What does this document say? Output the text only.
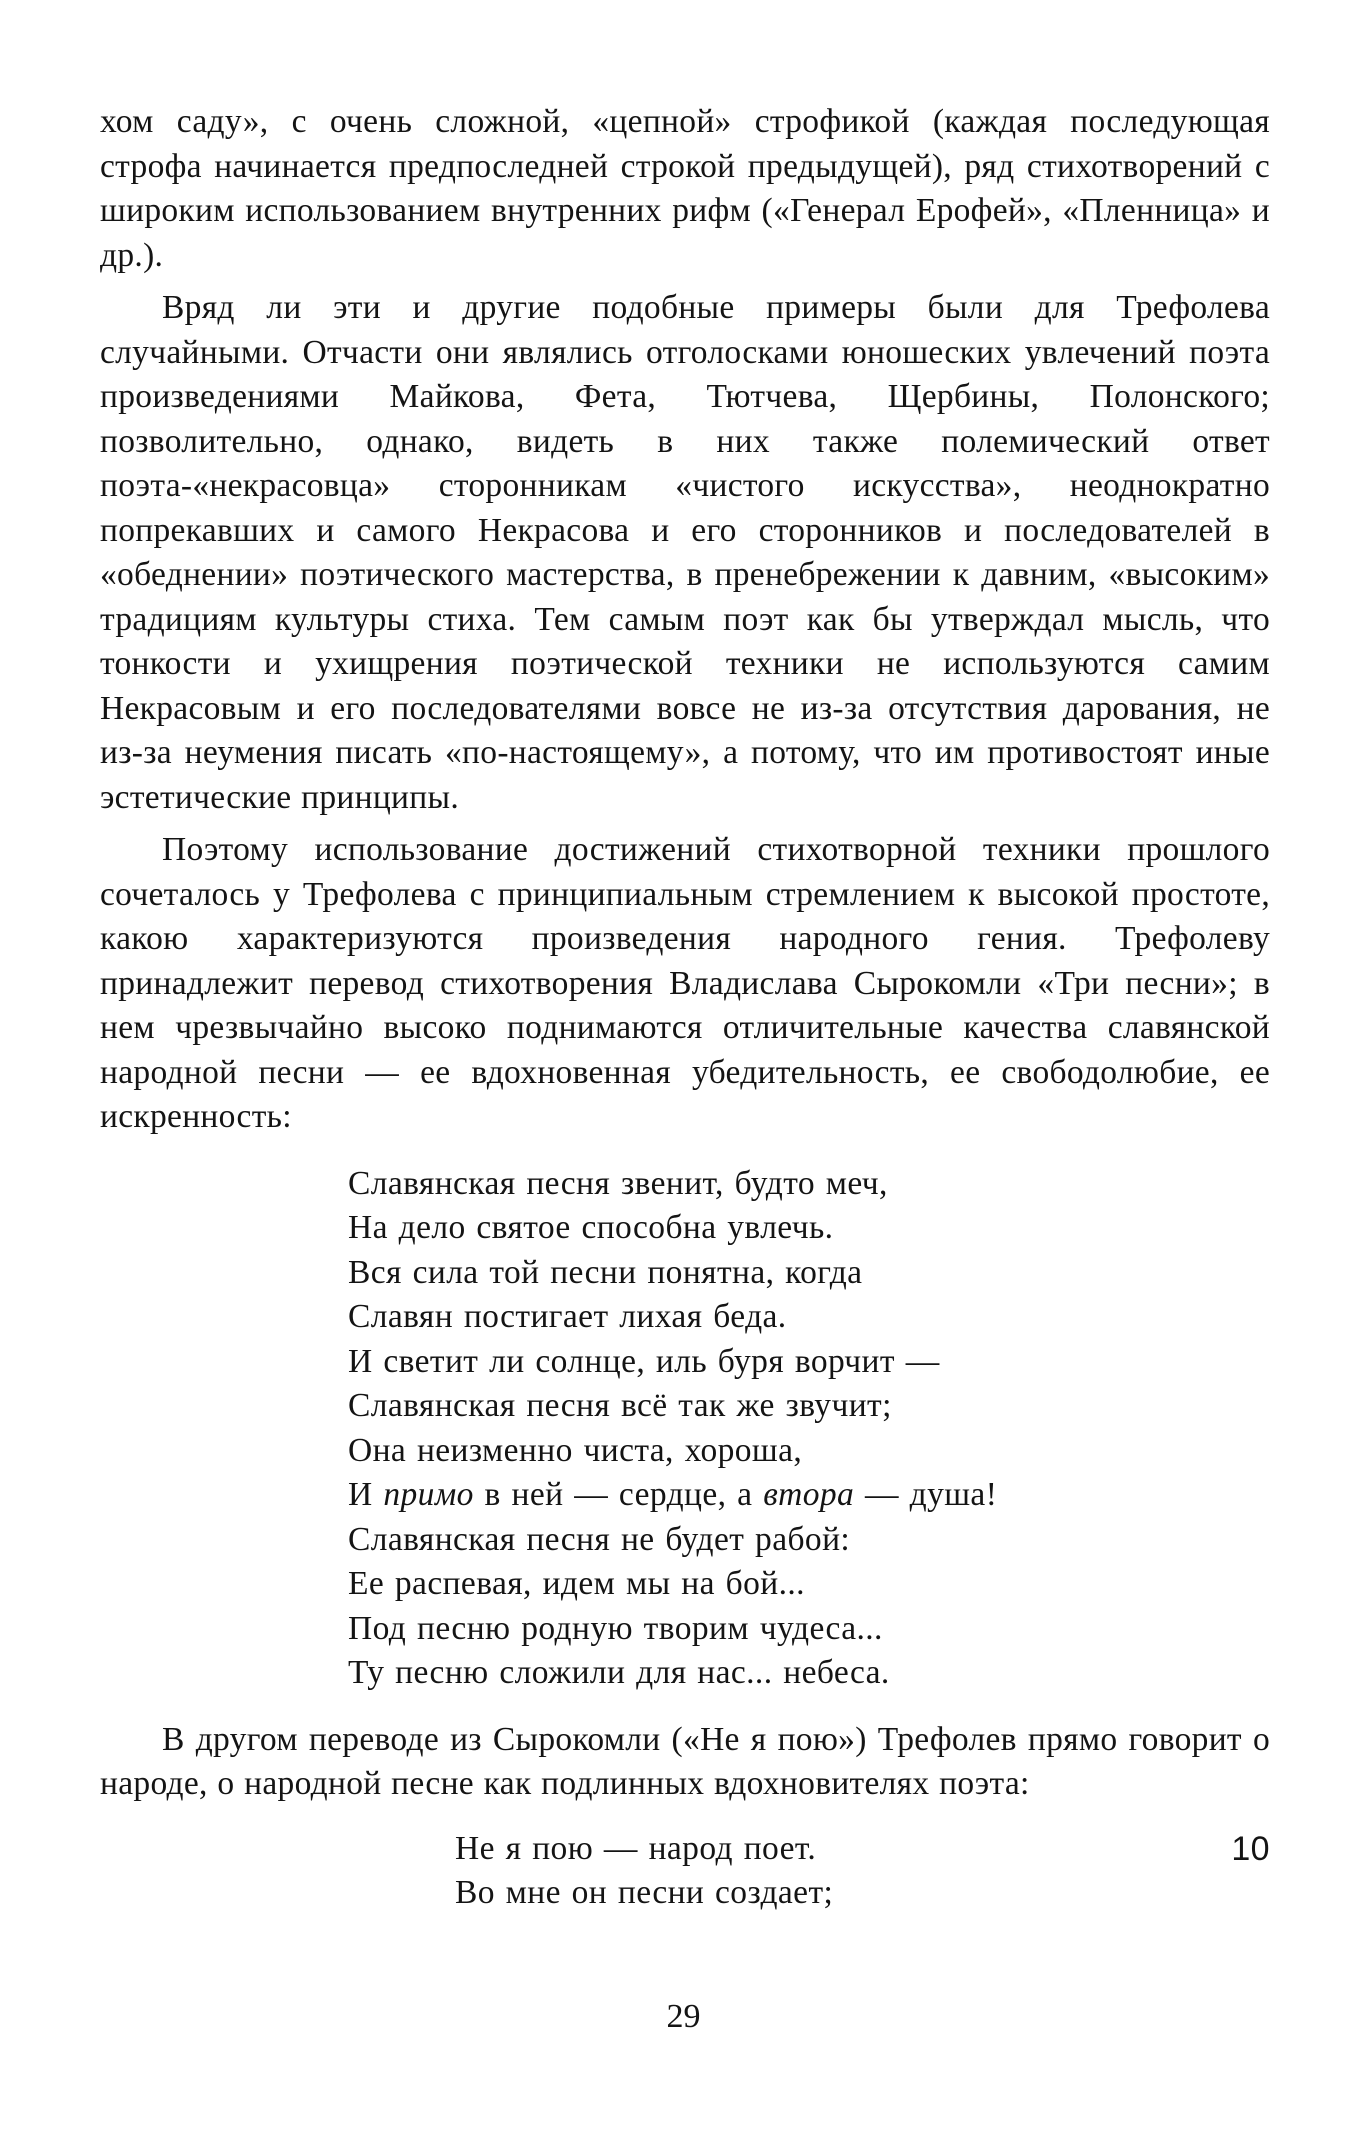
хом саду», с очень сложной, «цепной» строфикой (каждая последующая строфа начинается предпоследней строкой предыдущей), ряд стихотворений с широким использованием внутренних рифм («Генерал Ерофей», «Пленница» и др.).

Вряд ли эти и другие подобные примеры были для Трефолева случайными. Отчасти они являлись отголосками юношеских увлечений поэта произведениями Майкова, Фета, Тютчева, Щербины, Полонского; позволительно, однако, видеть в них также полемический ответ поэта-«некрасовца» сторонникам «чистого искусства», неоднократно попрекавших и самого Некрасова и его сторонников и последователей в «обеднении» поэтического мастерства, в пренебрежении к давним, «высоким» традициям культуры стиха. Тем самым поэт как бы утверждал мысль, что тонкости и ухищрения поэтической техники не используются самим Некрасовым и его последователями вовсе не из-за отсутствия дарования, не из-за неумения писать «по-настоящему», а потому, что им противостоят иные эстетические принципы.

Поэтому использование достижений стихотворной техники прошлого сочеталось у Трефолева с принципиальным стремлением к высокой простоте, какою характеризуются произведения народного гения. Трефолеву принадлежит перевод стихотворения Владислава Сырокомли «Три песни»; в нем чрезвычайно высоко поднимаются отличительные качества славянской народной песни — ее вдохновенная убедительность, ее свободолюбие, ее искренность:

Славянская песня звенит, будто меч,
На дело святое способна увлечь.
Вся сила той песни понятна, когда
Славян постигает лихая беда.
И светит ли солнце, иль буря ворчит —
Славянская песня всё так же звучит;
Она неизменно чиста, хороша,
И примо в ней — сердце, а втора — душа!
Славянская песня не будет рабой:
Ее распевая, идем мы на бой...
Под песню родную творим чудеса...
Ту песню сложили для нас... небеса.

В другом переводе из Сырокомли («Не я пою») Трефолев прямо говорит о народе, о народной песне как подлинных вдохновителях поэта:

10
Не я пою — народ поет.
Во мне он песни создает;
29
